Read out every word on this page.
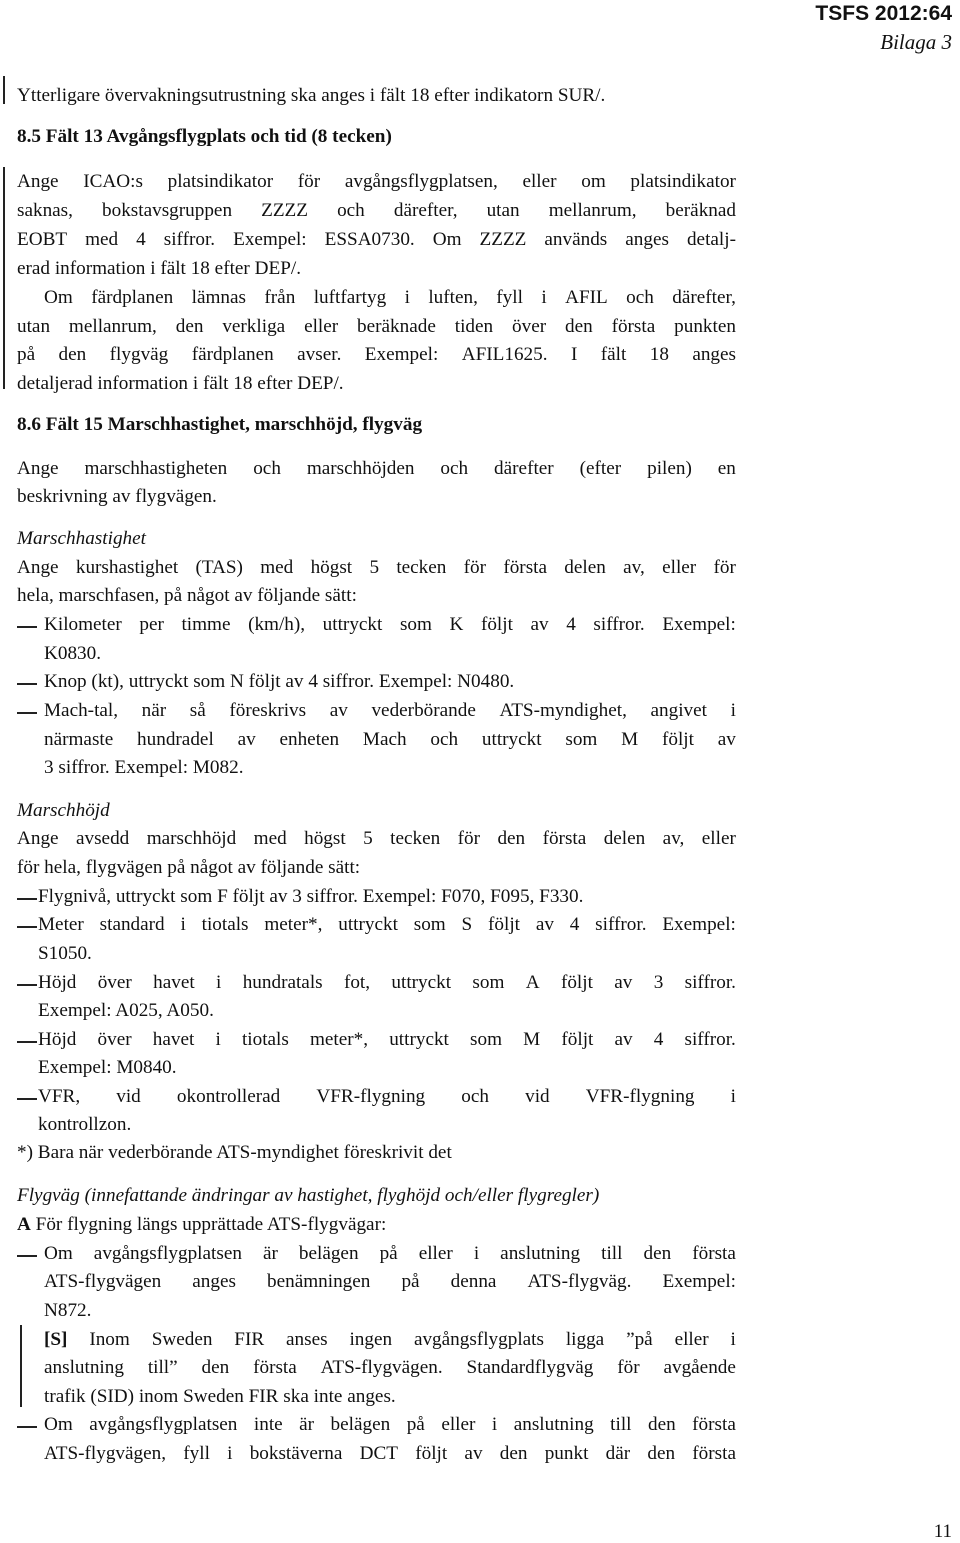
TSFS 2012:64
Bilaga 3
Ytterligare övervakningsutrustning ska anges i fält 18 efter indikatorn SUR/.
8.5 Fält 13 Avgångsflygplats och tid (8 tecken)
Ange ICAO:s platsindikator för avgångsflygplatsen, eller om platsindikator
saknas, bokstavsgruppen ZZZZ och därefter, utan mellanrum, beräknad
EOBT med 4 siffror. Exempel: ESSA0730. Om ZZZZ används anges detalj-
erad information i fält 18 efter DEP/.
Om färdplanen lämnas från luftfartyg i luften, fyll i AFIL och därefter,
utan mellanrum, den verkliga eller beräknade tiden över den första punkten
på den flygväg färdplanen avser. Exempel: AFIL1625. I fält 18 anges
detaljerad information i fält 18 efter DEP/.
8.6 Fält 15 Marschhastighet, marschhöjd, flygväg
Ange marschhastigheten och marschhöjden och därefter (efter pilen) en
beskrivning av flygvägen.
Marschhastighet
Ange kurshastighet (TAS) med högst 5 tecken för första delen av, eller för
hela, marschfasen, på något av följande sätt:
Kilometer per timme (km/h), uttryckt som K följt av 4 siffror. Exempel:
K0830.
Knop (kt), uttryckt som N följt av 4 siffror. Exempel: N0480.
Mach-tal, när så föreskrivs av vederbörande ATS-myndighet, angivet i
närmaste hundradel av enheten Mach och uttryckt som M följt av
3 siffror. Exempel: M082.
Marschhöjd
Ange avsedd marschhöjd med högst 5 tecken för den första delen av, eller
för hela, flygvägen på något av följande sätt:
Flygnivå, uttryckt som F följt av 3 siffror. Exempel: F070, F095, F330.
Meter standard i tiotals meter*, uttryckt som S följt av 4 siffror. Exempel:
S1050.
Höjd över havet i hundratals fot, uttryckt som A följt av 3 siffror.
Exempel: A025, A050.
Höjd över havet i tiotals meter*, uttryckt som M följt av 4 siffror.
Exempel: M0840.
VFR, vid okontrollerad VFR-flygning och vid VFR-flygning i
kontrollzon.
*) Bara när vederbörande ATS-myndighet föreskrivit det
Flygväg (innefattande ändringar av hastighet, flyghöjd och/eller flygregler)
A För flygning längs upprättade ATS-flygvägar:
Om avgångsflygplatsen är belägen på eller i anslutning till den första
ATS-flygvägen anges benämningen på denna ATS-flygväg. Exempel:
N872.
[S] Inom Sweden FIR anses ingen avgångsflygplats ligga ”på eller i
anslutning till” den första ATS-flygvägen. Standardflygväg för avgående
trafik (SID) inom Sweden FIR ska inte anges.
Om avgångsflygplatsen inte är belägen på eller i anslutning till den första
ATS-flygvägen, fyll i bokstäverna DCT följt av den punkt där den första
11
